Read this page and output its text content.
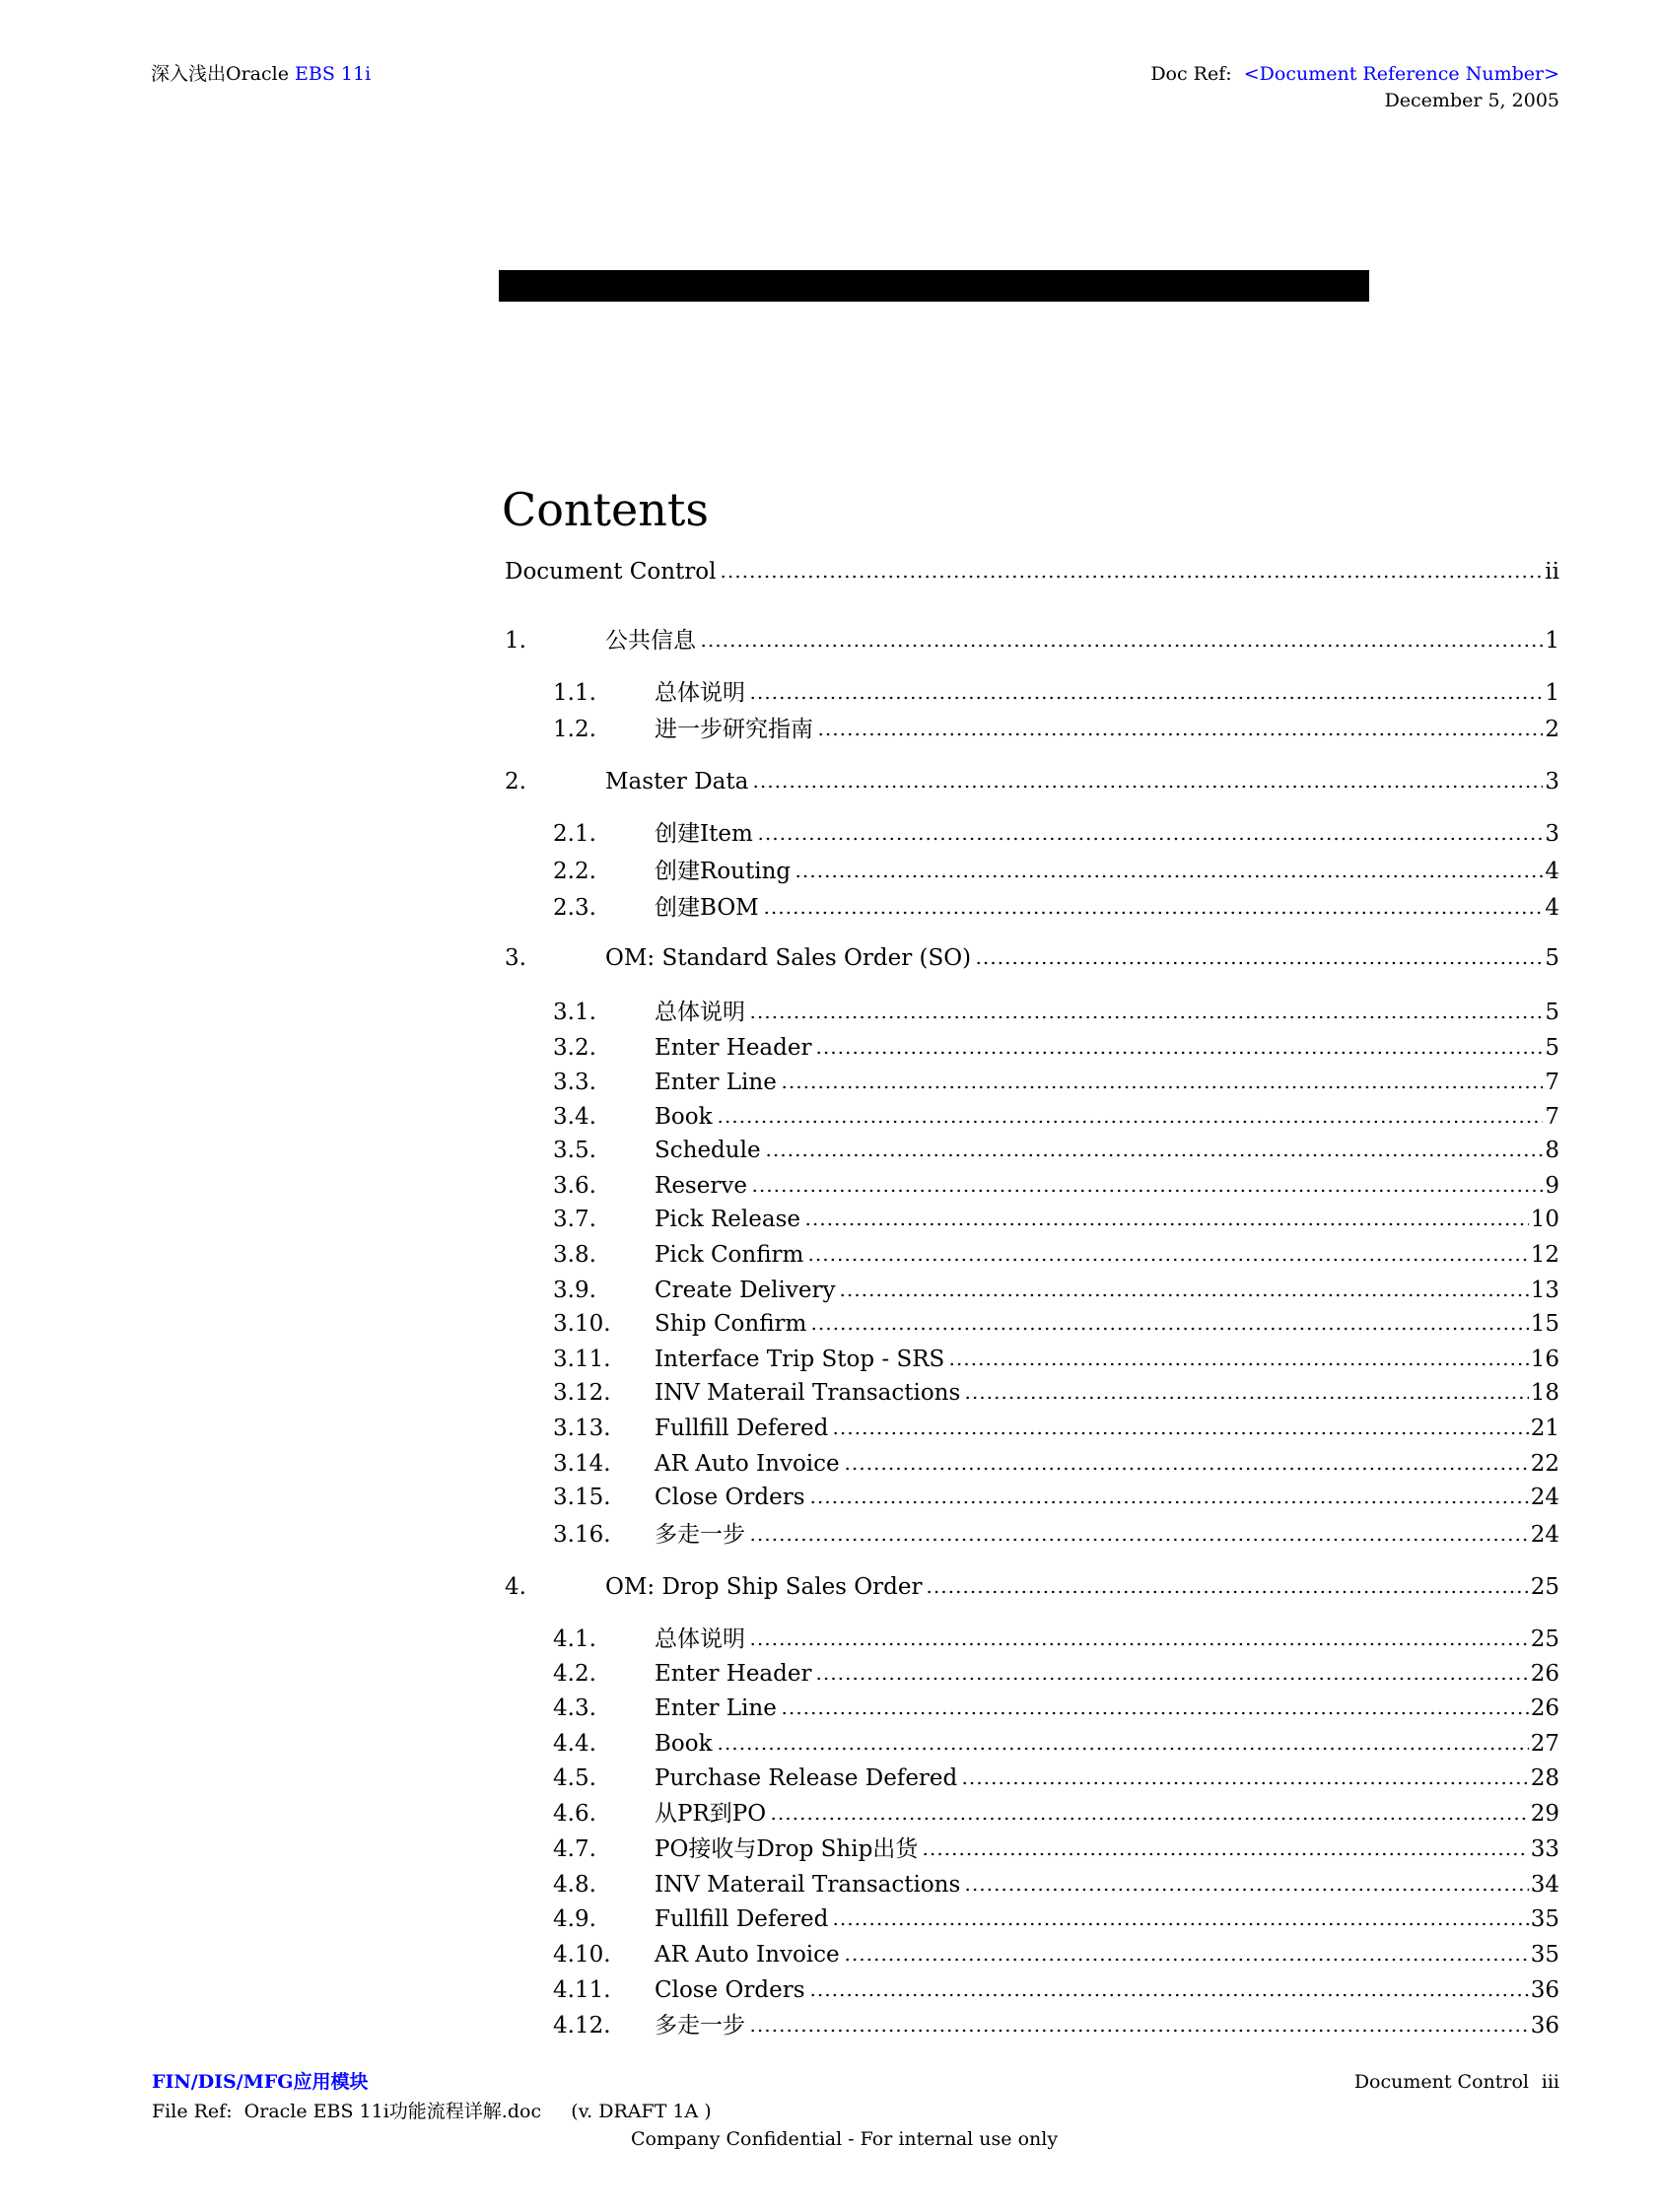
深入浅出Oracle EBS 11i	Doc Ref: <Document Reference Number>
December 5, 2005
Contents
Document Control	ii
1.	公共信息	1
1.1.	总体说明	1
1.2.	进一步研究指南	2
2.	Master Data	3
2.1.	创建Item	3
2.2.	创建Routing	4
2.3.	创建BOM	4
3.	OM: Standard Sales Order (SO)	5
3.1.	总体说明	5
3.2.	Enter Header	5
3.3.	Enter Line	7
3.4.	Book	7
3.5.	Schedule	8
3.6.	Reserve	9
3.7.	Pick Release	10
3.8.	Pick Confirm	12
3.9.	Create Delivery	13
3.10.	Ship Confirm	15
3.11.	Interface Trip Stop - SRS	16
3.12.	INV Materail Transactions	18
3.13.	Fullfill Defered	21
3.14.	AR Auto Invoice	22
3.15.	Close Orders	24
3.16.	多走一步	24
4.	OM: Drop Ship Sales Order	25
4.1.	总体说明	25
4.2.	Enter Header	26
4.3.	Enter Line	26
4.4.	Book	27
4.5.	Purchase Release Defered	28
4.6.	从PR到PO	29
4.7.	PO接收与Drop Ship出货	33
4.8.	INV Materail Transactions	34
4.9.	Fullfill Defered	35
4.10.	AR Auto Invoice	35
4.11.	Close Orders	36
4.12.	多走一步	36
FIN/DIS/MFG应用模块
File Ref:  Oracle EBS 11i功能流程详解.doc     (v. DRAFT 1A )
Company Confidential - For internal use only
Document Control iii
